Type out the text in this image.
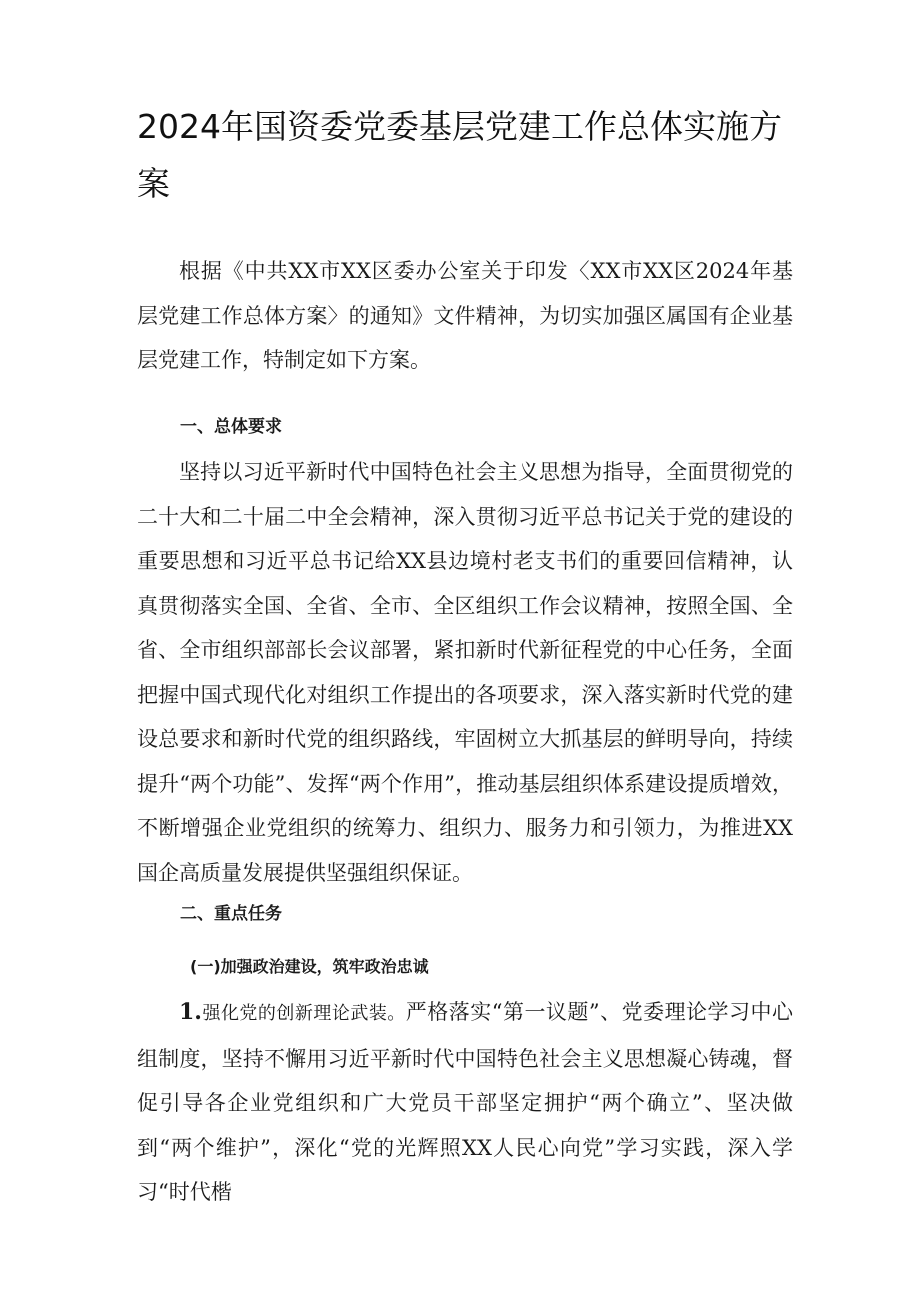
2024年国资委党委基层党建工作总体实施方案

根据《中共XX市XX区委办公室关于印发〈XX市XX区2024年基层党建工作总体方案〉的通知》文件精神，为切实加强区属国有企业基层党建工作，特制定如下方案。

一、总体要求

坚持以习近平新时代中国特色社会主义思想为指导，全面贯彻党的二十大和二十届二中全会精神，深入贯彻习近平总书记关于党的建设的重要思想和习近平总书记给XX县边境村老支书们的重要回信精神，认真贯彻落实全国、全省、全市、全区组织工作会议精神，按照全国、全省、全市组织部部长会议部署，紧扣新时代新征程党的中心任务，全面把握中国式现代化对组织工作提出的各项要求，深入落实新时代党的建设总要求和新时代党的组织路线，牢固树立大抓基层的鲜明导向，持续提升“两个功能”、发挥“两个作用”，推动基层组织体系建设提质增效，不断增强企业党组织的统筹力、组织力、服务力和引领力，为推进XX国企高质量发展提供坚强组织保证。

二、重点任务
(一)加强政治建设，筑牢政治忠诚

1.强化党的创新理论武装。严格落实“第一议题”、党委理论学习中心组制度，坚持不懈用习近平新时代中国特色社会主义思想凝心铸魂，督促引导各企业党组织和广大党员干部坚定拥护“两个确立”、坚决做到“两个维护”，深化“党的光辉照XX人民心向党”学习实践，深入学习“时代楷
